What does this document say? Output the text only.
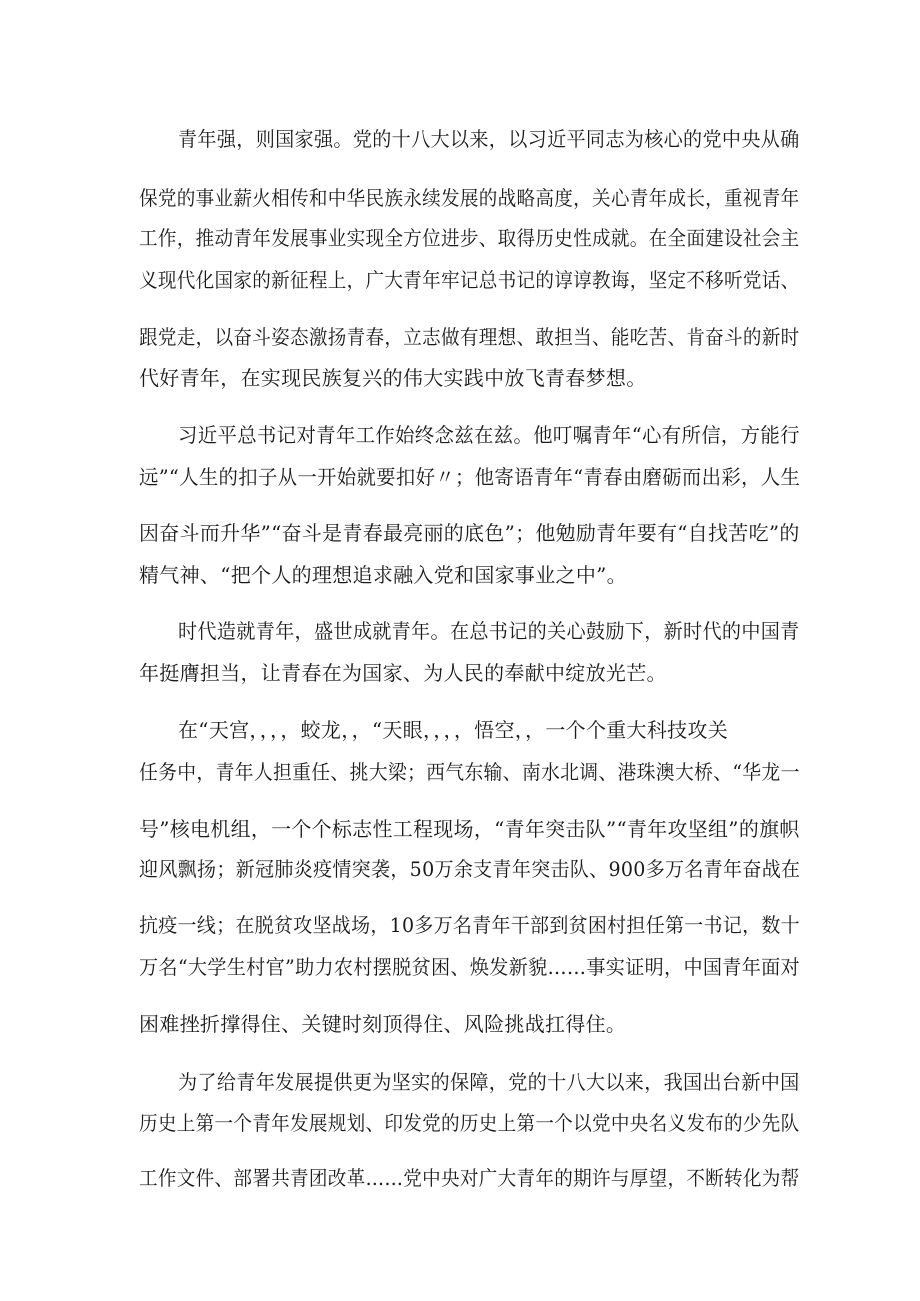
青年强，则国家强。党的十八大以来，以习近平同志为核心的党中央从确
保党的事业薪火相传和中华民族永续发展的战略高度，关心青年成长，重视青年
工作，推动青年发展事业实现全方位进步、取得历史性成就。在全面建设社会主
义现代化国家的新征程上，广大青年牢记总书记的谆谆教诲，坚定不移听党话、
跟党走，以奋斗姿态激扬青春，立志做有理想、敢担当、能吃苦、肯奋斗的新时
代好青年，在实现民族复兴的伟大实践中放飞青春梦想。
习近平总书记对青年工作始终念兹在兹。他叮嘱青年“心有所信，方能行
远”“人生的扣子从一开始就要扣好〃；他寄语青年“青春由磨砺而出彩，人生
因奋斗而升华”“奋斗是青春最亮丽的底色”；他勉励青年要有“自找苦吃”的
精气神、“把个人的理想追求融入党和国家事业之中”。
时代造就青年，盛世成就青年。在总书记的关心鼓励下，新时代的中国青
年挺膺担当，让青春在为国家、为人民的奉献中绽放光芒。
在“天宫，，，，蛟龙，，“天眼，，，，悟空，，一个个重大科技攻关
任务中，青年人担重任、挑大梁；西气东输、南水北调、港珠澳大桥、“华龙一
号”核电机组，一个个标志性工程现场，“青年突击队”“青年攻坚组”的旗帜
迎风飘扬；新冠肺炎疫情突袭，50万余支青年突击队、900多万名青年奋战在
抗疫一线；在脱贫攻坚战场，10多万名青年干部到贫困村担任第一书记，数十
万名“大学生村官”助力农村摆脱贫困、焕发新貌……事实证明，中国青年面对
困难挫折撑得住、关键时刻顶得住、风险挑战扛得住。
为了给青年发展提供更为坚实的保障，党的十八大以来，我国出台新中国
历史上第一个青年发展规划、印发党的历史上第一个以党中央名义发布的少先队
工作文件、部署共青团改革……党中央对广大青年的期许与厚望，不断转化为帮
